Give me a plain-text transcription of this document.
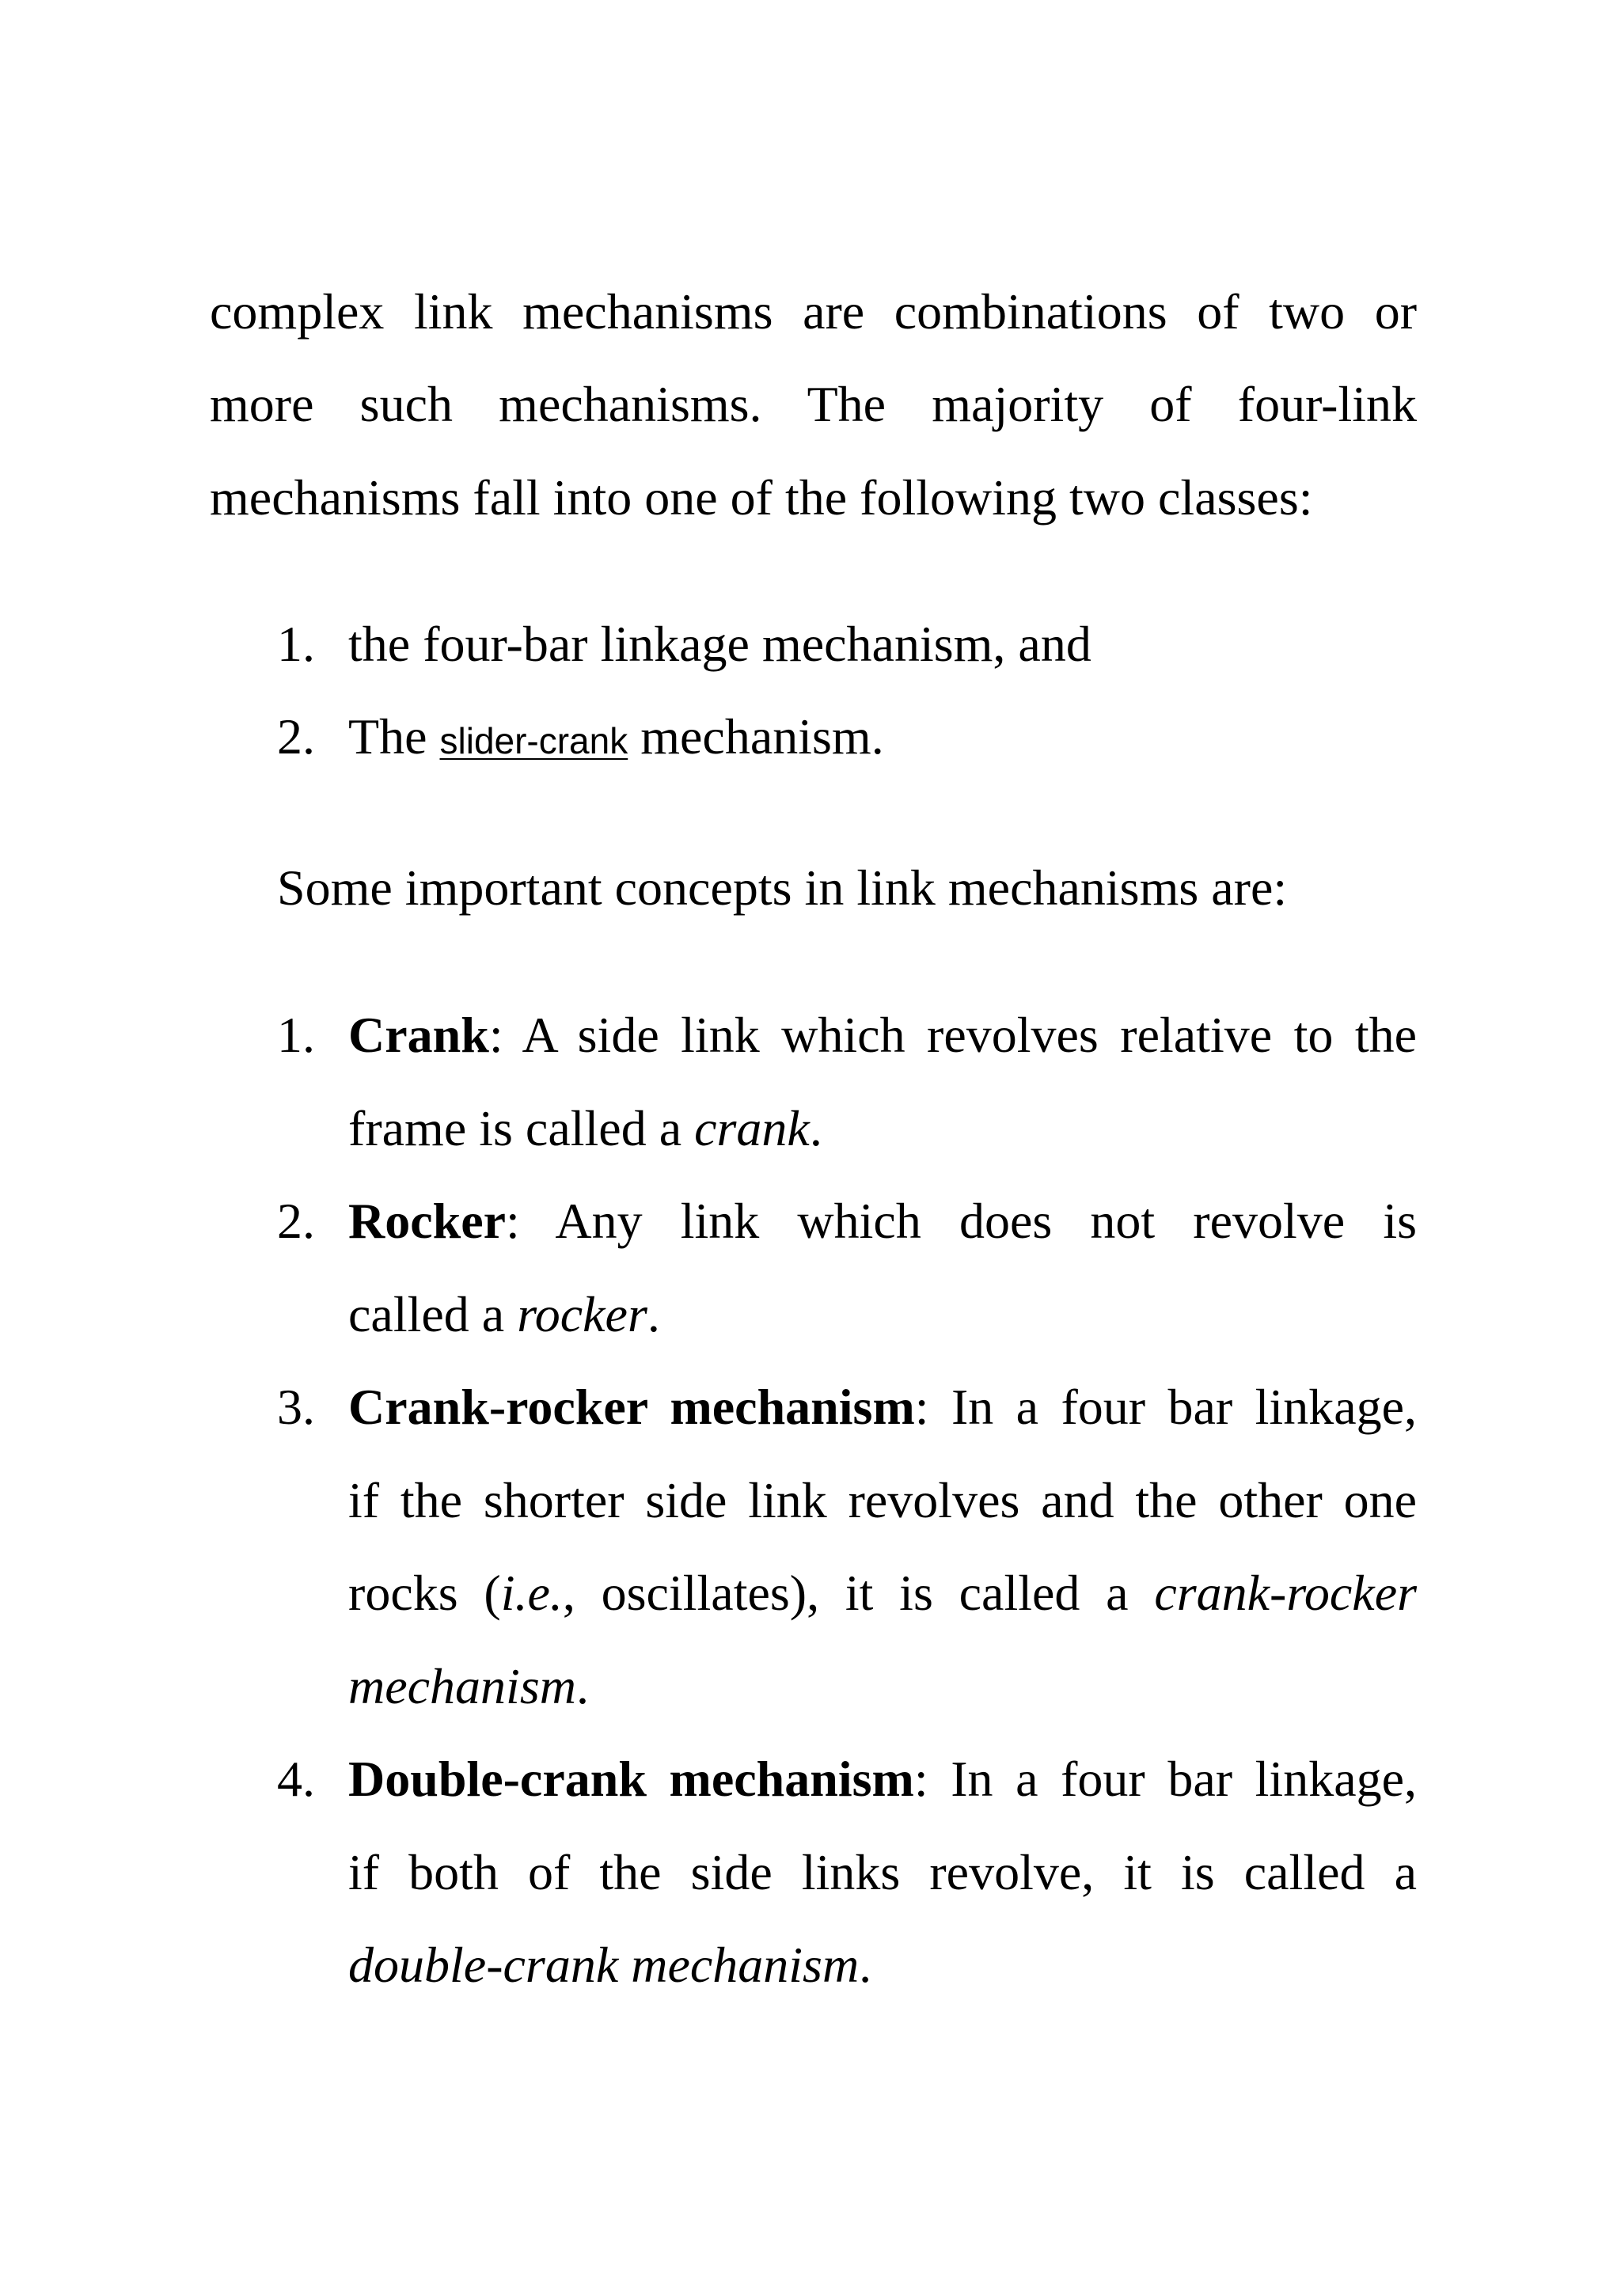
complex link mechanisms are combinations of two or
more such mechanisms. The majority of four-link
mechanisms fall into one of the following two classes:
1. the four-bar linkage mechanism, and
2. The slider-crank mechanism.
Some important concepts in link mechanisms are:
1. Crank: A side link which revolves relative to the
frame is called a crank.
2. Rocker: Any link which does not revolve is
called a rocker.
3. Crank-rocker mechanism: In a four bar linkage,
if the shorter side link revolves and the other one
rocks (i.e., oscillates), it is called a crank-rocker
mechanism.
4. Double-crank mechanism: In a four bar linkage,
if both of the side links revolve, it is called a
double-crank mechanism.
